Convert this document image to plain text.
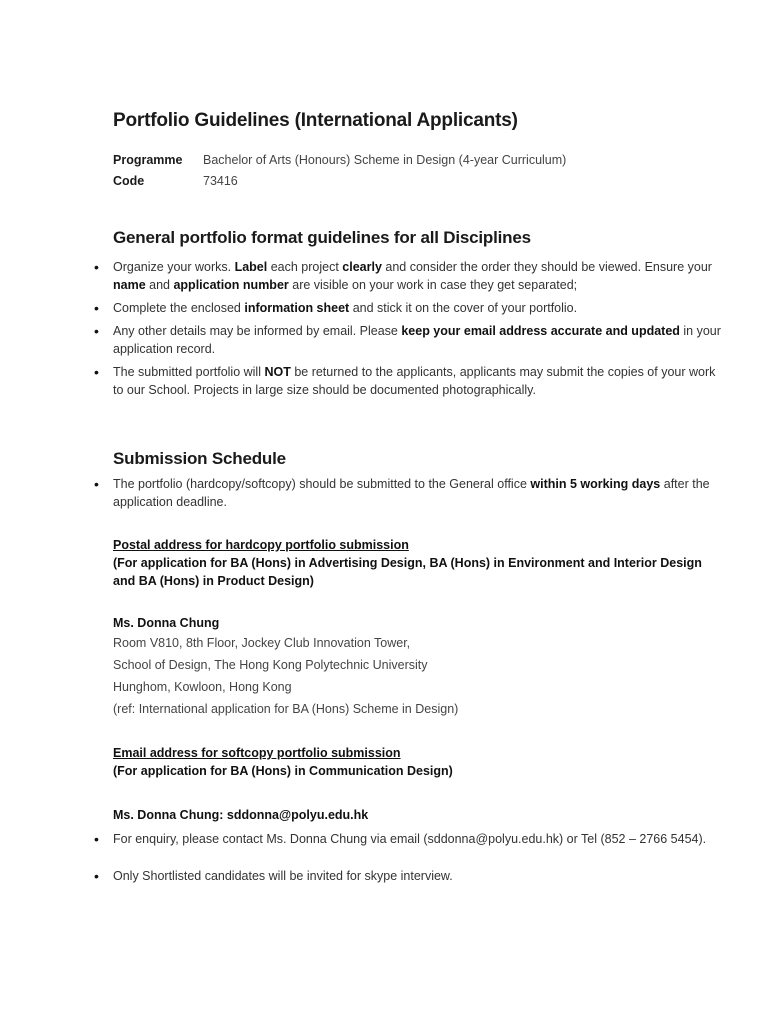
Portfolio Guidelines (International Applicants)
Programme	Bachelor of Arts (Honours) Scheme in Design (4-year Curriculum)
Code	73416
General portfolio format guidelines for all Disciplines
• Organize your works. Label each project clearly and consider the order they should be viewed. Ensure your name and application number are visible on your work in case they get separated;
• Complete the enclosed information sheet and stick it on the cover of your portfolio.
• Any other details may be informed by email. Please keep your email address accurate and updated in your application record.
• The submitted portfolio will NOT be returned to the applicants, applicants may submit the copies of your work to our School. Projects in large size should be documented photographically.
Submission Schedule
• The portfolio (hardcopy/softcopy) should be submitted to the General office within 5 working days after the application deadline.
Postal address for hardcopy portfolio submission
(For application for BA (Hons) in Advertising Design, BA (Hons) in Environment and Interior Design and BA (Hons) in Product Design)
Ms. Donna Chung
Room V810, 8th Floor, Jockey Club Innovation Tower,
School of Design, The Hong Kong Polytechnic University
Hunghom, Kowloon, Hong Kong
(ref: International application for BA (Hons) Scheme in Design)
Email address for softcopy portfolio submission
(For application for BA (Hons) in Communication Design)
Ms. Donna Chung: sddonna@polyu.edu.hk
• For enquiry, please contact Ms. Donna Chung via email (sddonna@polyu.edu.hk) or Tel (852 – 2766 5454).
• Only Shortlisted candidates will be invited for skype interview.
